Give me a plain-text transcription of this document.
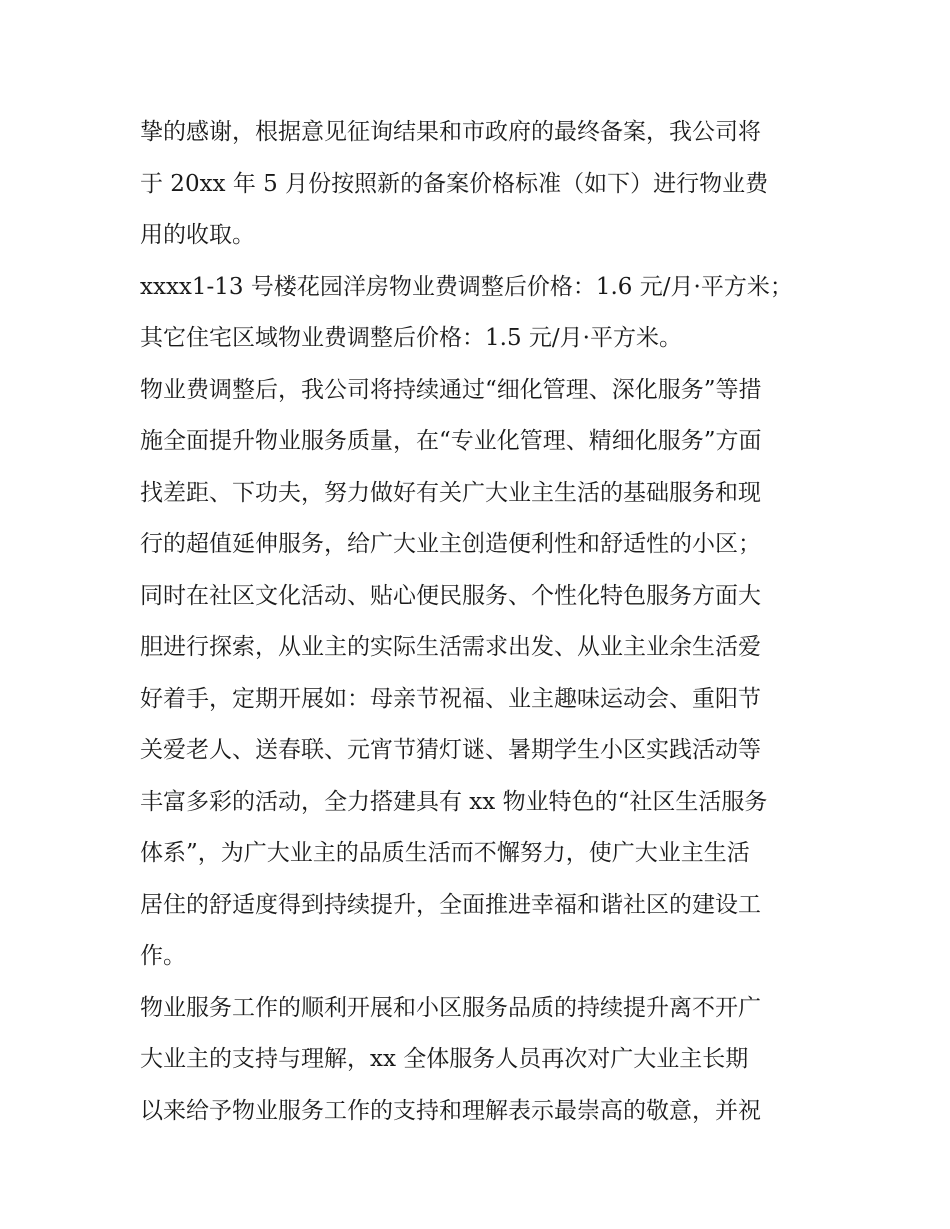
挚的感谢，根据意见征询结果和市政府的最终备案，我公司将
于 20xx 年 5 月份按照新的备案价格标准（如下）进行物业费
用的收取。
xxxx1-13 号楼花园洋房物业费调整后价格：1.6 元/月·平方米；
其它住宅区域物业费调整后价格：1.5 元/月·平方米。
物业费调整后，我公司将持续通过“细化管理、深化服务”等措
施全面提升物业服务质量，在“专业化管理、精细化服务”方面
找差距、下功夫，努力做好有关广大业主生活的基础服务和现
行的超值延伸服务，给广大业主创造便利性和舒适性的小区；
同时在社区文化活动、贴心便民服务、个性化特色服务方面大
胆进行探索，从业主的实际生活需求出发、从业主业余生活爱
好着手，定期开展如：母亲节祝福、业主趣味运动会、重阳节
关爱老人、送春联、元宵节猜灯谜、暑期学生小区实践活动等
丰富多彩的活动，全力搭建具有 xx 物业特色的“社区生活服务
体系”，为广大业主的品质生活而不懈努力，使广大业主生活
居住的舒适度得到持续提升，全面推进幸福和谐社区的建设工
作。
物业服务工作的顺利开展和小区服务品质的持续提升离不开广
大业主的支持与理解，xx 全体服务人员再次对广大业主长期
以来给予物业服务工作的支持和理解表示最崇高的敬意，并祝
